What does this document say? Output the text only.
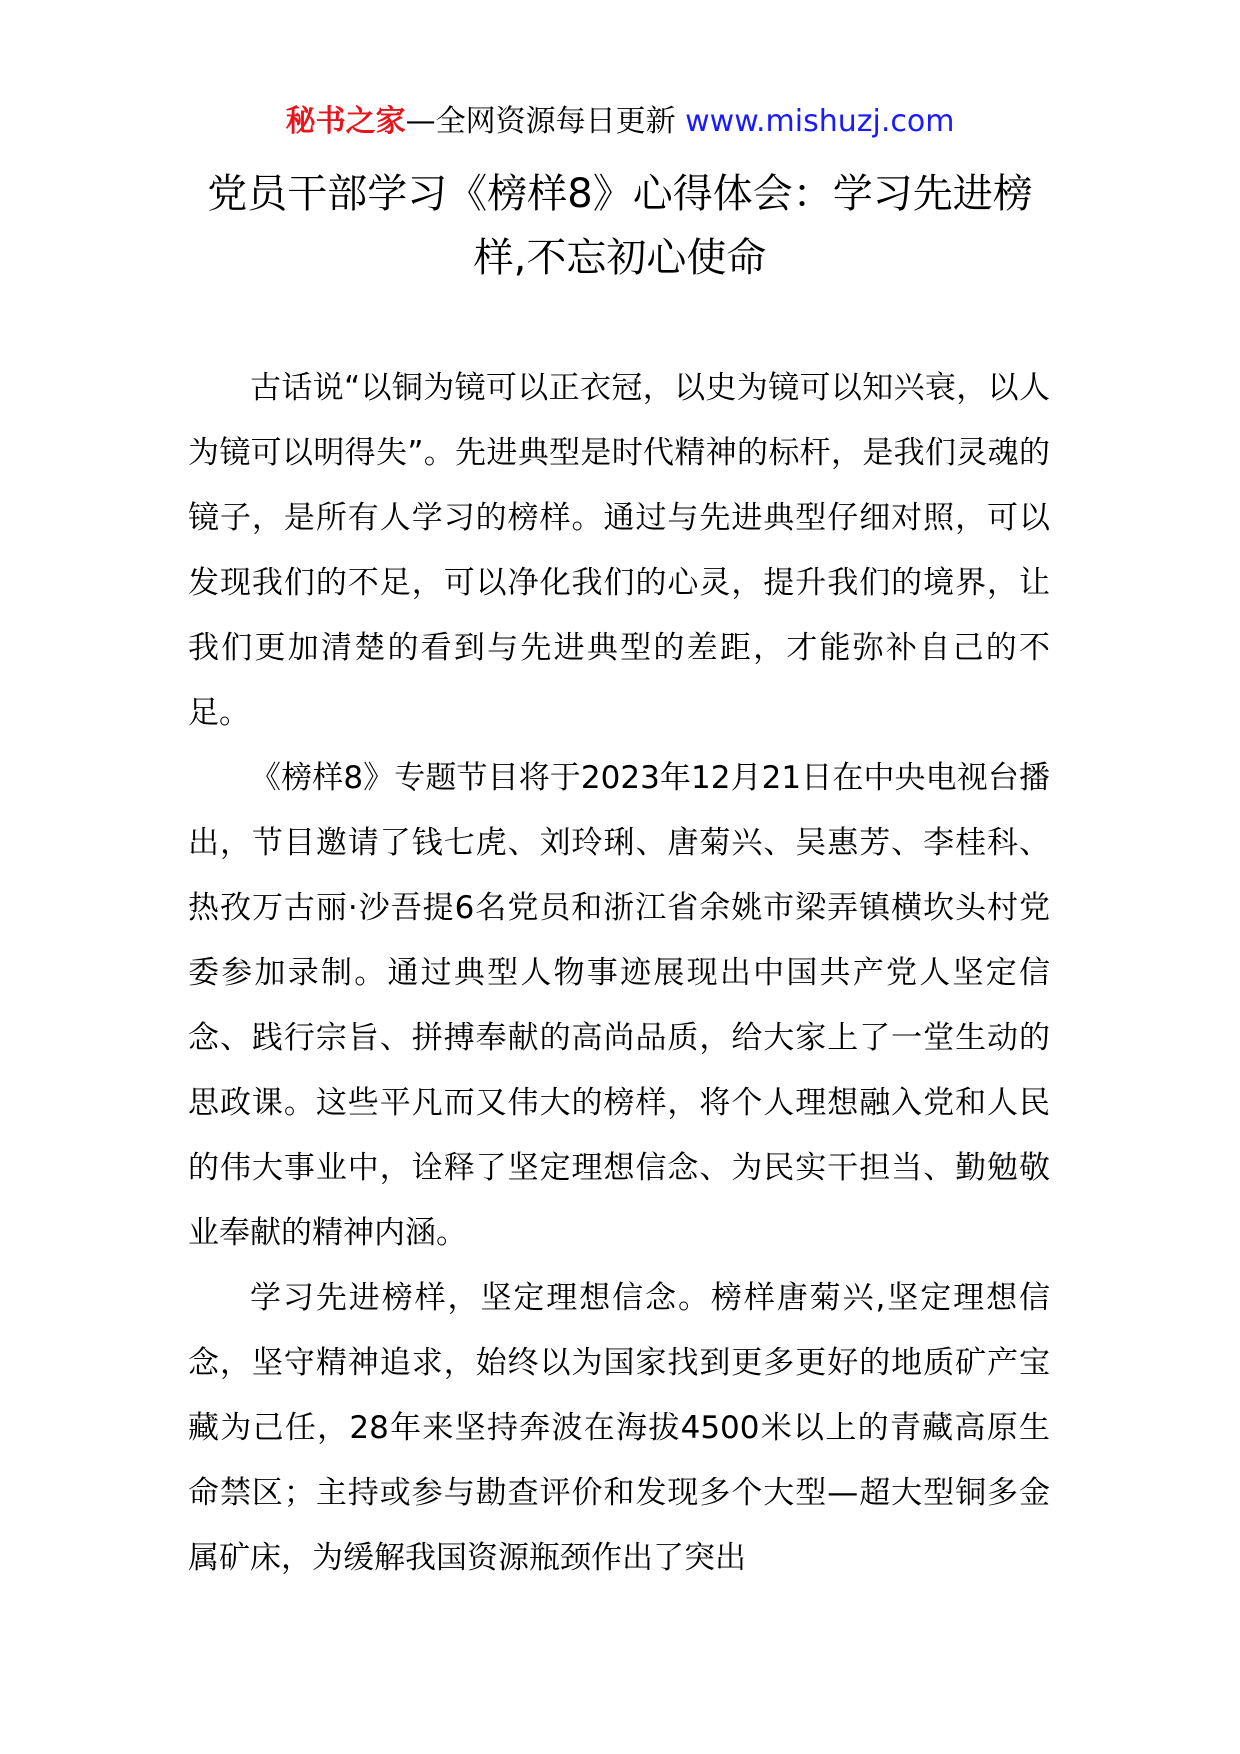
秘书之家—全网资源每日更新 www.mishuzj.com
党员干部学习《榜样8》心得体会：学习先进榜样,不忘初心使命

古话说“以铜为镜可以正衣冠，以史为镜可以知兴衰，以人为镜可以明得失”。先进典型是时代精神的标杆，是我们灵魂的镜子，是所有人学习的榜样。通过与先进典型仔细对照，可以发现我们的不足，可以净化我们的心灵，提升我们的境界，让我们更加清楚的看到与先进典型的差距，才能弥补自己的不足。

《榜样8》专题节目将于2023年12月21日在中央电视台播出，节目邀请了钱七虎、刘玲琍、唐菊兴、吴惠芳、李桂科、热孜万古丽·沙吾提6名党员和浙江省余姚市梁弄镇横坎头村党委参加录制。通过典型人物事迹展现出中国共产党人坚定信念、践行宗旨、拼搏奉献的高尚品质，给大家上了一堂生动的思政课。这些平凡而又伟大的榜样，将个人理想融入党和人民的伟大事业中，诠释了坚定理想信念、为民实干担当、勤勉敬业奉献的精神内涵。

学习先进榜样，坚定理想信念。榜样唐菊兴,坚定理想信念，坚守精神追求，始终以为国家找到更多更好的地质矿产宝藏为己任，28年来坚持奔波在海拔4500米以上的青藏高原生命禁区；主持或参与勘查评价和发现多个大型—超大型铜多金属矿床，为缓解我国资源瓶颈作出了突出
